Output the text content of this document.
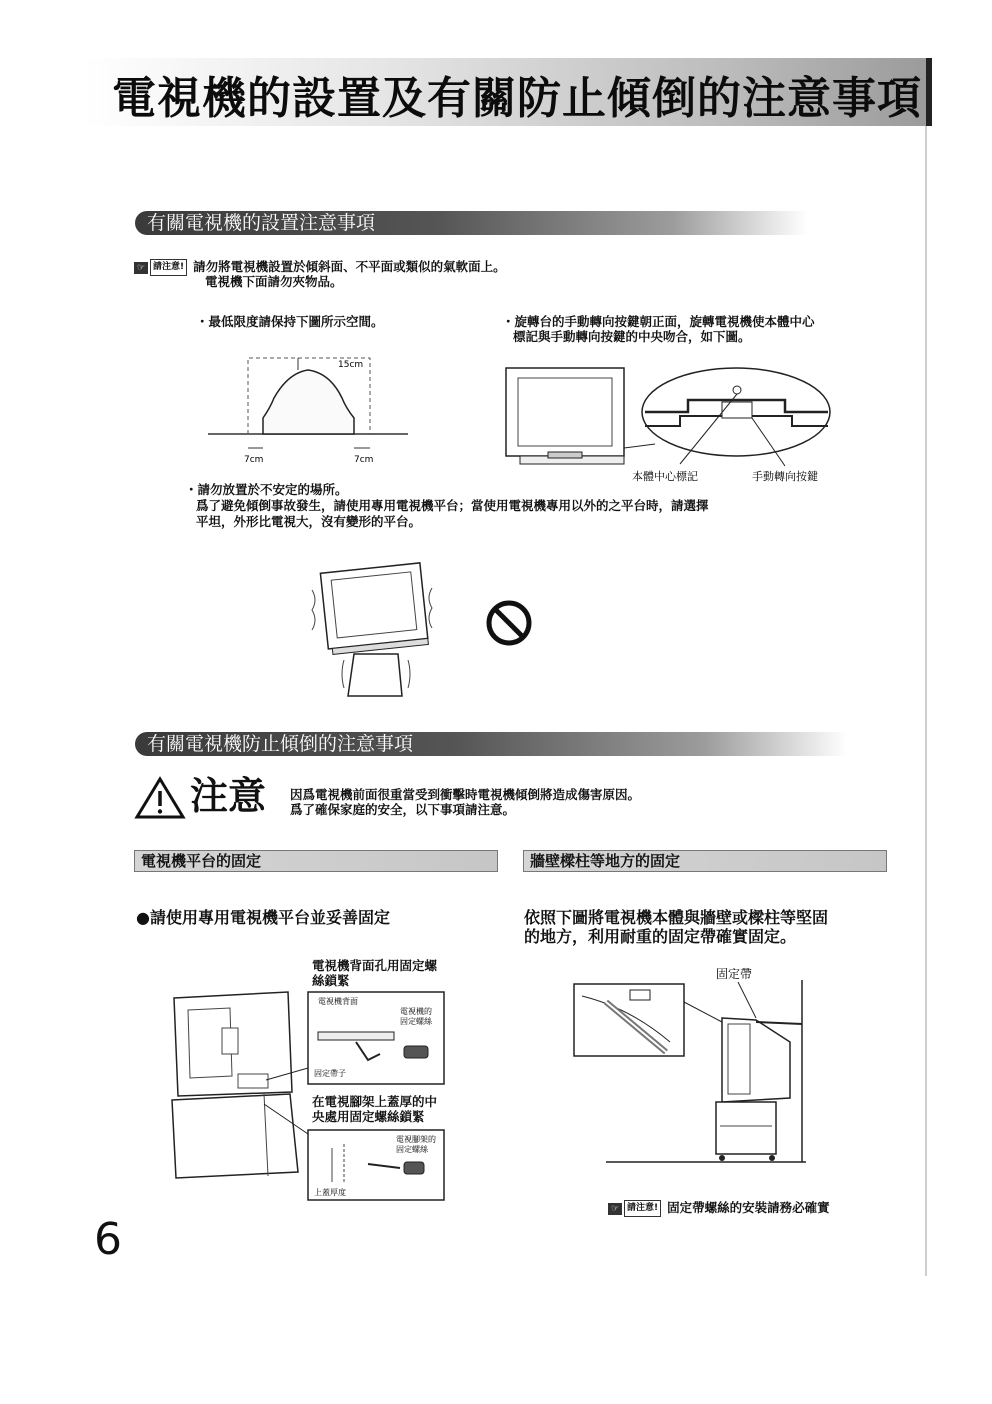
電視機的設置及有關防止傾倒的注意事項
有關電視機的設置注意事項
☞ 請注意! 請勿將電視機設置於傾斜面、不平面或類似的氣軟面上。
電視機下面請勿夾物品。
・最低限度請保持下圖所示空間。	・旋轉台的手動轉向按鍵朝正面，旋轉電視機使本體中心
標記與手動轉向按鍵的中央吻合，如下圖。
15cm
7cm	7cm
本體中心標記	手動轉向按鍵
・請勿放置於不安定的場所。
爲了避免傾倒事故發生，請使用專用電視機平台；當使用電視機專用以外的之平台時，請選擇
平坦，外形比電視大，沒有變形的平台。
有關電視機防止傾倒的注意事項
注意 因爲電視機前面很重當受到衝擊時電視機傾倒將造成傷害原因。
爲了確保家庭的安全，以下事項請注意。
電視機平台的固定	牆壁樑柱等地方的固定
●請使用專用電視機平台並妥善固定	依照下圖將電視機本體與牆壁或樑柱等堅固
的地方，利用耐重的固定帶確實固定。
電視機背面孔用固定螺
絲鎖緊
在電視腳架上蓋厚的中
央處用固定螺絲鎖緊
電視機背面
電視機的
固定螺絲
固定帶子
電視腳架的
固定螺絲
上蓋厚度
固定帶
☞ 請注意! 固定帶螺絲的安裝請務必確實
6
